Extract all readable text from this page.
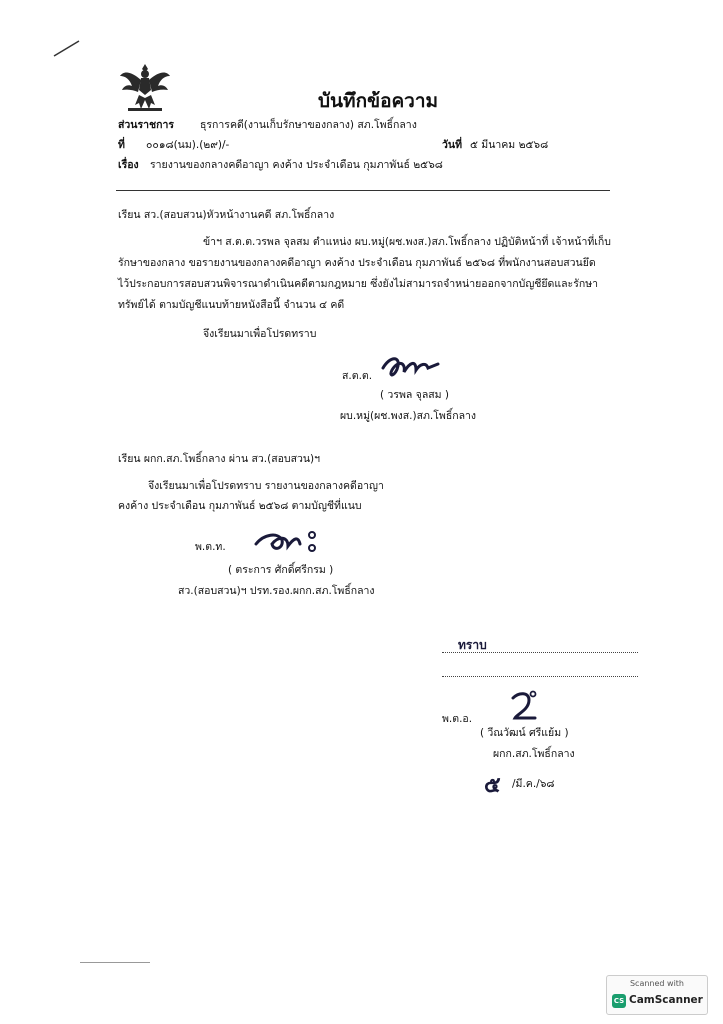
บันทึกข้อความ
ส่วนราชการ ธุรการคดี(งานเก็บรักษาของกลาง) สภ.โพธิ์กลาง
ที่ ๐๐๑๘(นม).(๒๙)/-	วันที่ ๕ มีนาคม ๒๕๖๘
เรื่อง รายงานของกลางคดีอาญา คงค้าง ประจำเดือน กุมภาพันธ์ ๒๕๖๘
เรียน สว.(สอบสวน)หัวหน้างานคดี สภ.โพธิ์กลาง
ข้าฯ ส.ต.ต.วรพล จุลสม ตำแหน่ง ผบ.หมู่(ผช.พงส.)สภ.โพธิ์กลาง ปฏิบัติหน้าที่ เจ้าหน้าที่เก็บ
รักษาของกลาง ขอรายงานของกลางคดีอาญา คงค้าง ประจำเดือน กุมภาพันธ์ ๒๕๖๘ ที่พนักงานสอบสวนยึด
ไว้ประกอบการสอบสวนพิจารณาดำเนินคดีตามกฎหมาย ซึ่งยังไม่สามารถจำหน่ายออกจากบัญชียึดและรักษา
ทรัพย์ได้ ตามบัญชีแนบท้ายหนังสือนี้ จำนวน ๔ คดี
จึงเรียนมาเพื่อโปรดทราบ
ส.ต.ต.
( วรพล จุลสม )
ผบ.หมู่(ผช.พงส.)สภ.โพธิ์กลาง
เรียน ผกก.สภ.โพธิ์กลาง ผ่าน สว.(สอบสวน)ฯ
จึงเรียนมาเพื่อโปรดทราบ รายงานของกลางคดีอาญา
คงค้าง ประจำเดือน กุมภาพันธ์ ๒๕๖๘ ตามบัญชีที่แนบ
พ.ต.ท.
( ตระการ ศักดิ์ศรีกรม )
สว.(สอบสวน)ฯ ปรท.รอง.ผกก.สภ.โพธิ์กลาง
ทราบ
พ.ต.อ.
( วีณวัฒน์ ศรีแย้ม )
ผกก.สภ.โพธิ์กลาง
๕ /มี.ค./๖๘
Scanned with
CS CamScanner
